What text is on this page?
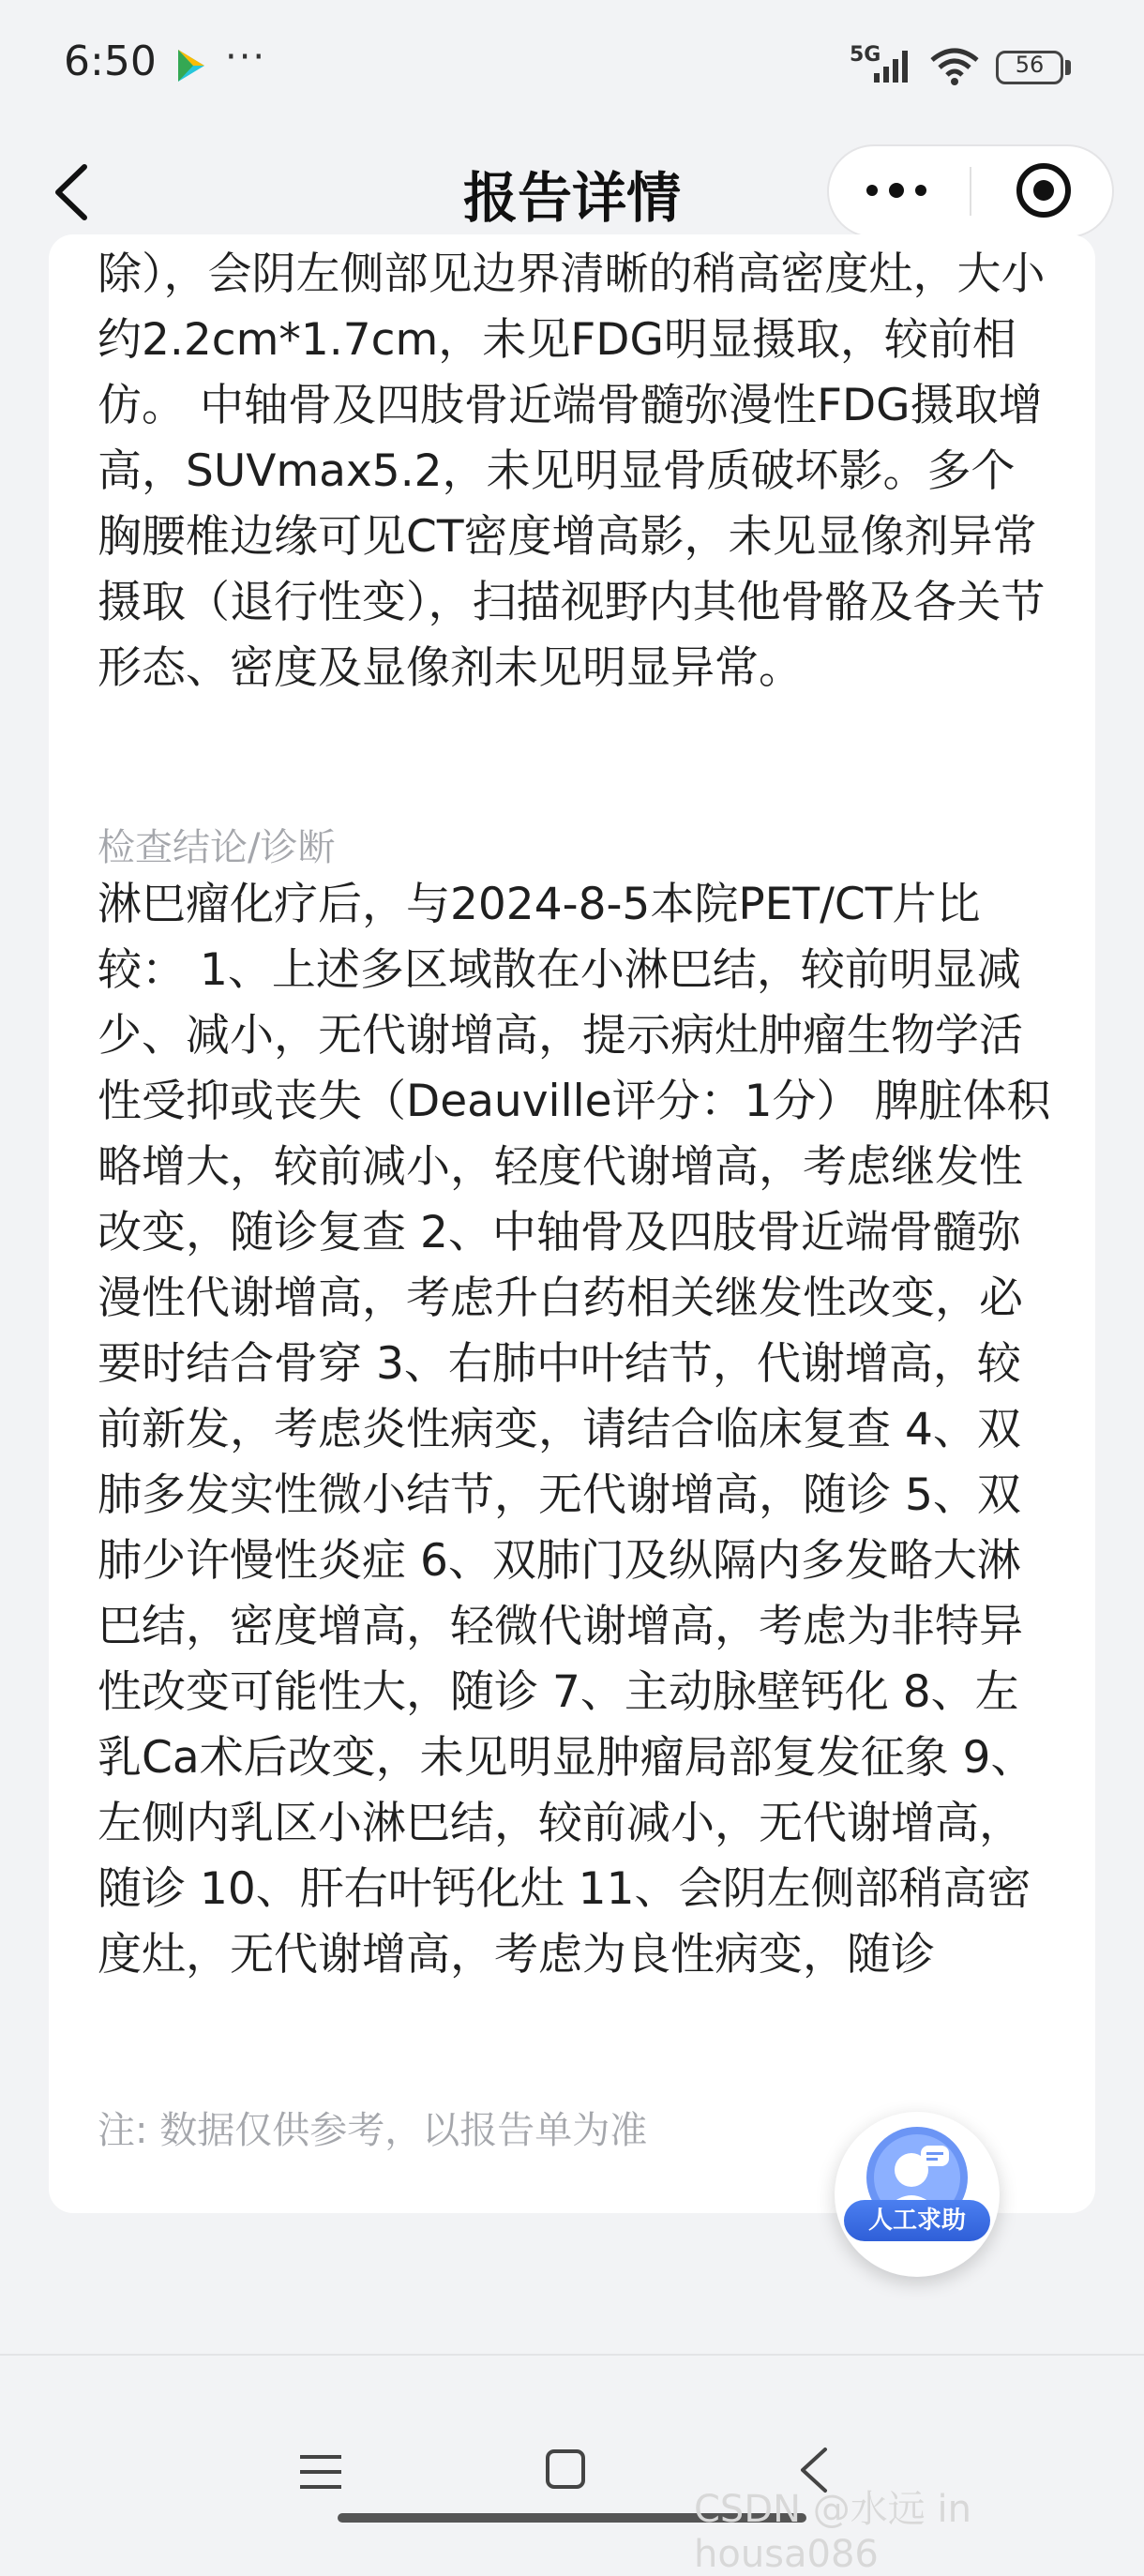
6:50 ···	5G	56
报告详情
除），会阴左侧部见边界清晰的稍高密度灶，大小约2.2cm*1.7cm，未见FDG明显摄取，较前相仿。 中轴骨及四肢骨近端骨髓弥漫性FDG摄取增高，SUVmax5.2，未见明显骨质破坏影。多个胸腰椎边缘可见CT密度增高影，未见显像剂异常摄取（退行性变），扫描视野内其他骨骼及各关节形态、密度及显像剂未见明显异常。
检查结论/诊断
淋巴瘤化疗后，与2024-8-5本院PET/CT片比较： 1、上述多区域散在小淋巴结，较前明显减少、减小，无代谢增高，提示病灶肿瘤生物学活性受抑或丧失（Deauville评分：1分） 脾脏体积略增大，较前减小，轻度代谢增高，考虑继发性改变，随诊复查 2、中轴骨及四肢骨近端骨髓弥漫性代谢增高，考虑升白药相关继发性改变，必要时结合骨穿 3、右肺中叶结节，代谢增高，较前新发，考虑炎性病变，请结合临床复查 4、双肺多发实性微小结节，无代谢增高，随诊 5、双肺少许慢性炎症 6、双肺门及纵隔内多发略大淋巴结，密度增高，轻微代谢增高，考虑为非特异性改变可能性大，随诊 7、主动脉壁钙化 8、左乳Ca术后改变，未见明显肿瘤局部复发征象 9、左侧内乳区小淋巴结，较前减小，无代谢增高，随诊 10、肝右叶钙化灶 11、会阴左侧部稍高密度灶，无代谢增高，考虑为良性病变，随诊
注: 数据仅供参考，以报告单为准
人工求助
CSDN @水远 in housa086
